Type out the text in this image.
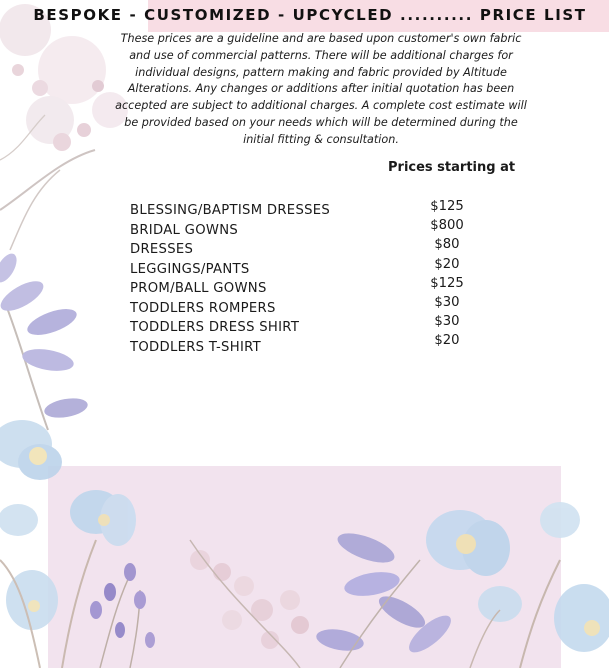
BESPOKE - CUSTOMIZED - UPCYCLED .......... PRICE LIST
These prices are a guideline and are based upon customer's own fabric
and use of commercial patterns. There will be additional charges for
individual designs, pattern making and fabric provided by Altitude
Alterations. Any changes or additions after initial quotation has been
accepted are subject to additional charges. A complete cost estimate will
be provided based on your needs which will be determined during the
initial fitting & consultation.
Prices starting at
BLESSING/BAPTISM DRESSES
BRIDAL GOWNS
DRESSES
LEGGINGS/PANTS
PROM/BALL GOWNS
TODDLERS ROMPERS
TODDLERS DRESS SHIRT
TODDLERS T-SHIRT
$125
$800
$80
$20
$125
$30
$30
$20
